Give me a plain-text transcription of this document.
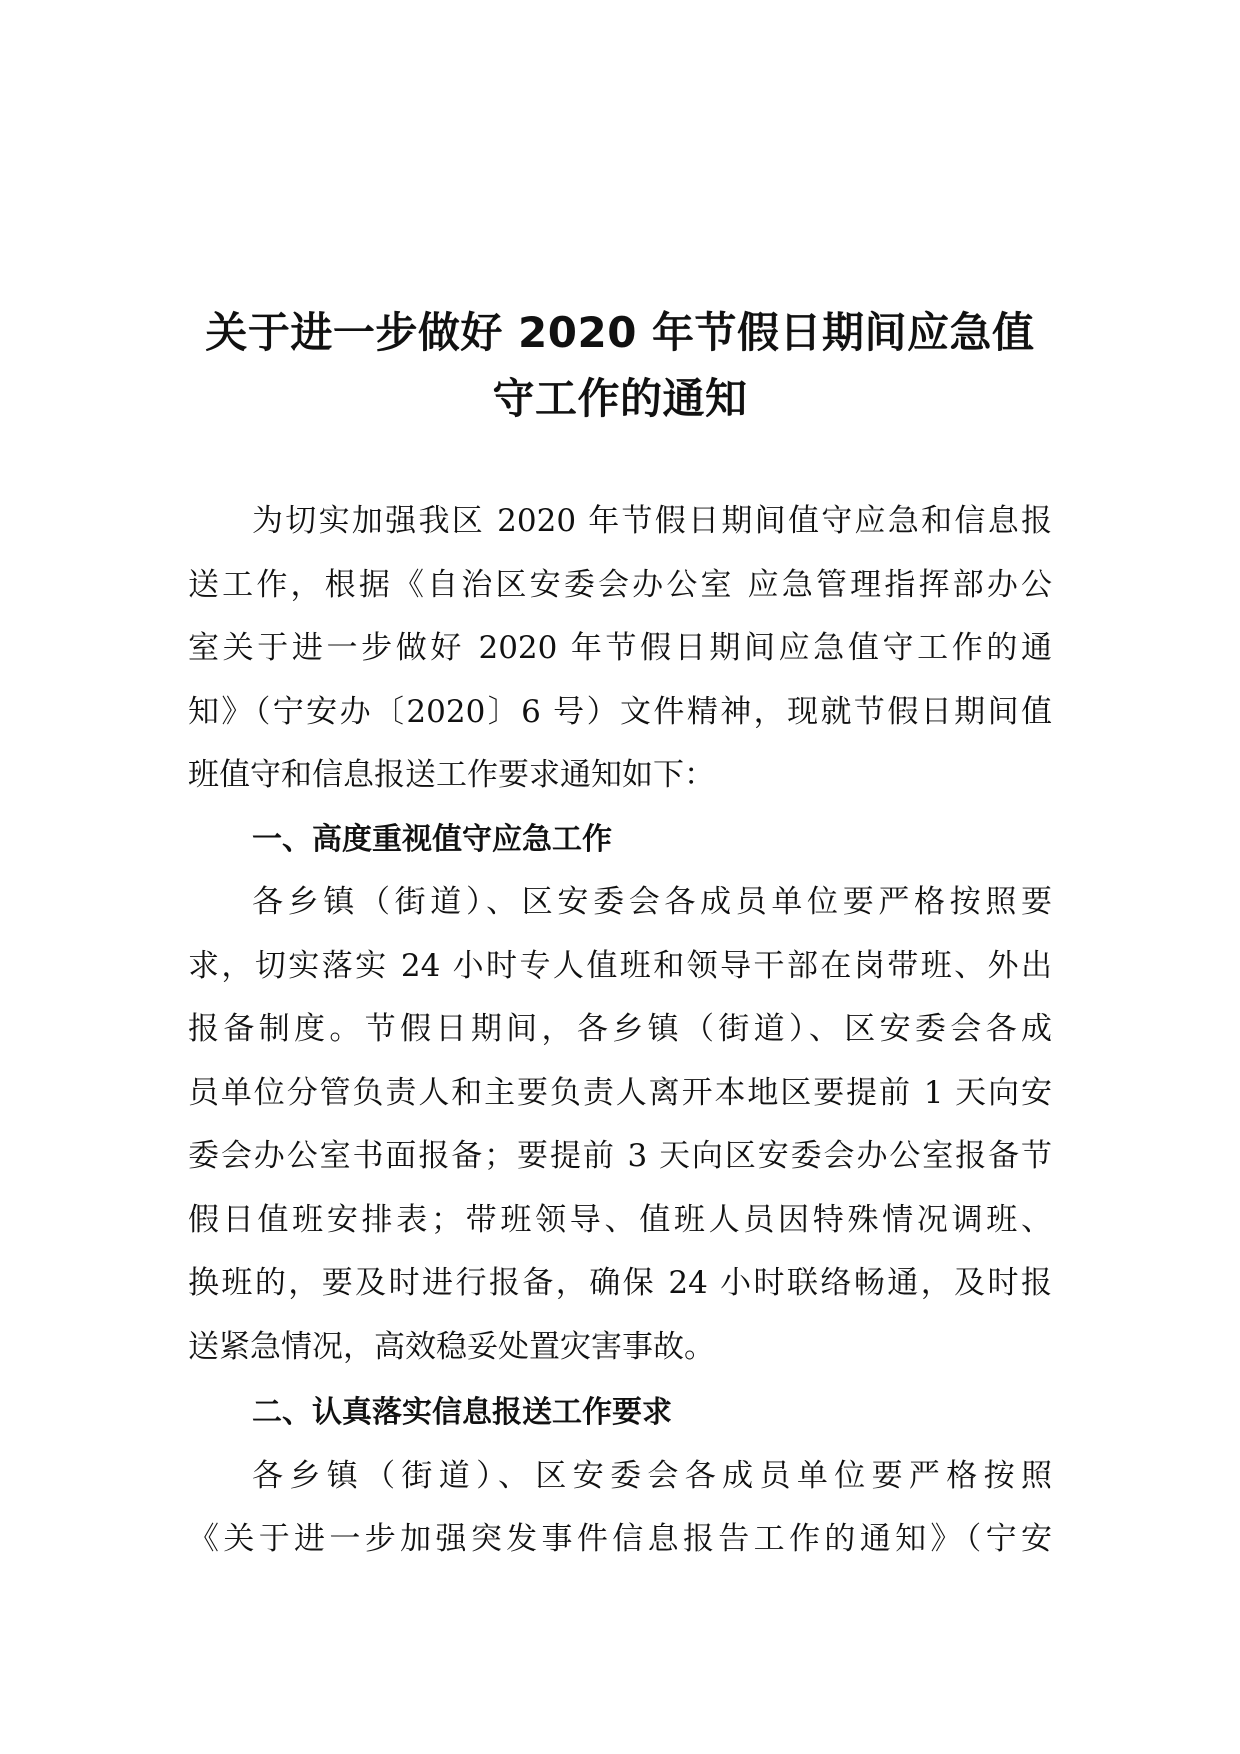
关于进一步做好 2020 年节假日期间应急值
守工作的通知
为切实加强我区 2020 年节假日期间值守应急和信息报
送工作，根据《自治区安委会办公室 应急管理指挥部办公
室关于进一步做好 2020 年节假日期间应急值守工作的通
知》（宁安办〔2020〕6 号）文件精神，现就节假日期间值
班值守和信息报送工作要求通知如下：
一、高度重视值守应急工作
各乡镇（街道）、区安委会各成员单位要严格按照要
求，切实落实 24 小时专人值班和领导干部在岗带班、外出
报备制度。节假日期间，各乡镇（街道）、区安委会各成
员单位分管负责人和主要负责人离开本地区要提前 1 天向安
委会办公室书面报备；要提前 3 天向区安委会办公室报备节
假日值班安排表；带班领导、值班人员因特殊情况调班、
换班的，要及时进行报备，确保 24 小时联络畅通，及时报
送紧急情况，高效稳妥处置灾害事故。
二、认真落实信息报送工作要求
各乡镇（街道）、区安委会各成员单位要严格按照
《关于进一步加强突发事件信息报告工作的通知》（宁安
